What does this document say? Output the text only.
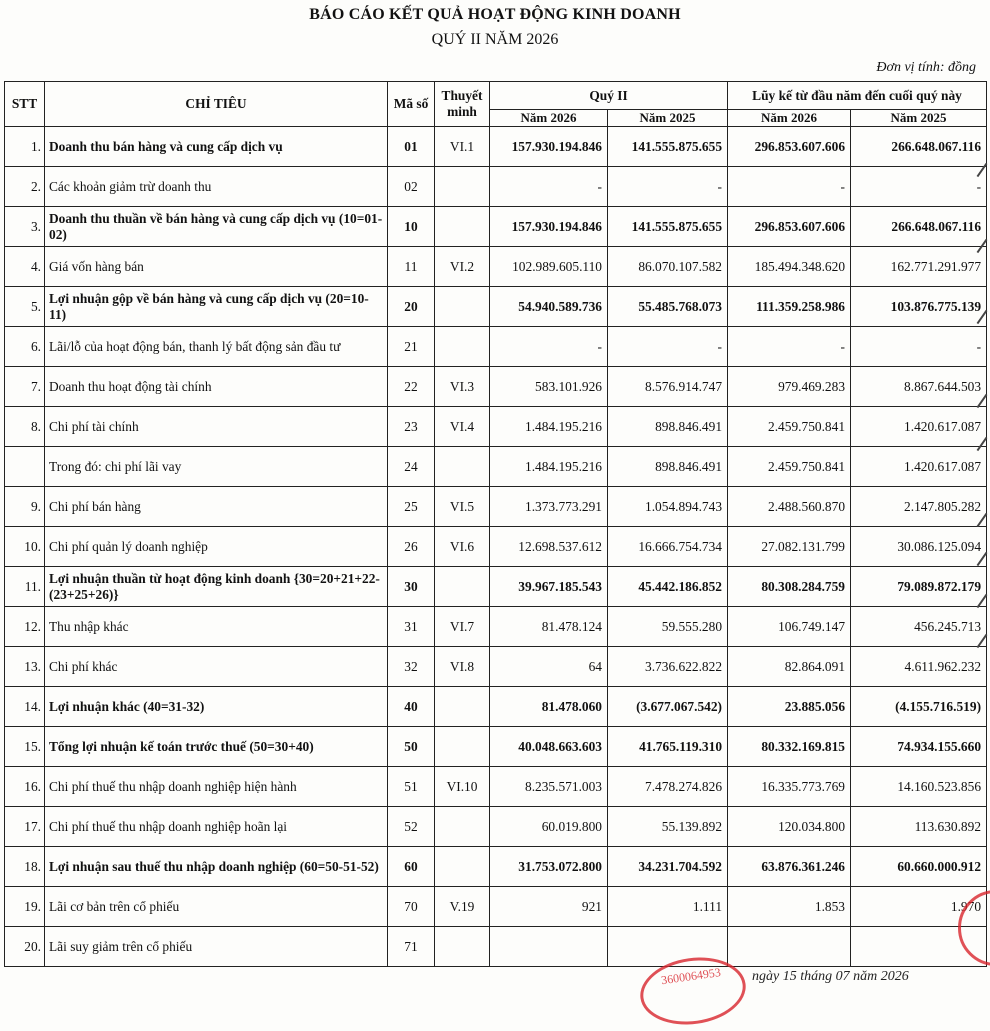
BÁO CÁO KẾT QUẢ HOẠT ĐỘNG KINH DOANH
QUÝ II NĂM 2026
Đơn vị tính: đồng
STT	CHỈ TIÊU	Mã số	Thuyết minh	Quý II		Lũy kế từ đầu năm đến cuối quý này	
				Năm 2026	Năm 2025	Năm 2026	Năm 2025
1.	Doanh thu bán hàng và cung cấp dịch vụ	01	VI.1	157.930.194.846	141.555.875.655	296.853.607.606	266.648.067.116
2.	Các khoản giảm trừ doanh thu	02		-	-	-	-
3.	Doanh thu thuần về bán hàng và cung cấp dịch vụ (10=01-02)	10		157.930.194.846	141.555.875.655	296.853.607.606	266.648.067.116
4.	Giá vốn hàng bán	11	VI.2	102.989.605.110	86.070.107.582	185.494.348.620	162.771.291.977
5.	Lợi nhuận gộp về bán hàng và cung cấp dịch vụ (20=10-11)	20		54.940.589.736	55.485.768.073	111.359.258.986	103.876.775.139
6.	Lãi/lỗ của hoạt động bán, thanh lý bất động sản đầu tư	21		-	-	-	-
7.	Doanh thu hoạt động tài chính	22	VI.3	583.101.926	8.576.914.747	979.469.283	8.867.644.503
8.	Chi phí tài chính	23	VI.4	1.484.195.216	898.846.491	2.459.750.841	1.420.617.087
	Trong đó: chi phí lãi vay	24		1.484.195.216	898.846.491	2.459.750.841	1.420.617.087
9.	Chi phí bán hàng	25	VI.5	1.373.773.291	1.054.894.743	2.488.560.870	2.147.805.282
10.	Chi phí quản lý doanh nghiệp	26	VI.6	12.698.537.612	16.666.754.734	27.082.131.799	30.086.125.094
11.	Lợi nhuận thuần từ hoạt động kinh doanh {30=20+21+22-(23+25+26)}	30		39.967.185.543	45.442.186.852	80.308.284.759	79.089.872.179
12.	Thu nhập khác	31	VI.7	81.478.124	59.555.280	106.749.147	456.245.713
13.	Chi phí khác	32	VI.8	64	3.736.622.822	82.864.091	4.611.962.232
14.	Lợi nhuận khác (40=31-32)	40		81.478.060	(3.677.067.542)	23.885.056	(4.155.716.519)
15.	Tổng lợi nhuận kế toán trước thuế (50=30+40)	50		40.048.663.603	41.765.119.310	80.332.169.815	74.934.155.660
16.	Chi phí thuế thu nhập doanh nghiệp hiện hành	51	VI.10	8.235.571.003	7.478.274.826	16.335.773.769	14.160.523.856
17.	Chi phí thuế thu nhập doanh nghiệp hoãn lại	52		60.019.800	55.139.892	120.034.800	113.630.892
18.	Lợi nhuận sau thuế thu nhập doanh nghiệp (60=50-51-52)	60		31.753.072.800	34.231.704.592	63.876.361.246	60.660.000.912
19.	Lãi cơ bản trên cổ phiếu	70	V.19	921	1.111	1.853	1.970
20.	Lãi suy giảm trên cổ phiếu	71					
3600064953	ngày 15 tháng 07 năm 2026
